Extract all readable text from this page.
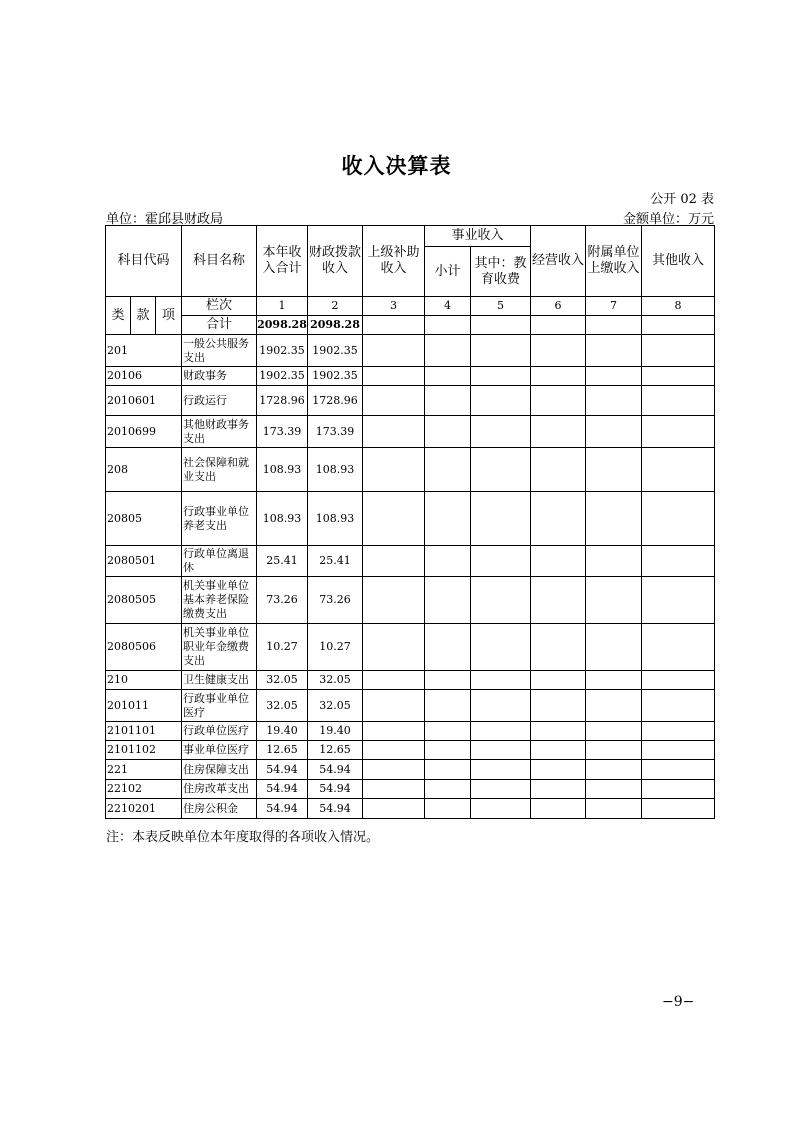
收入决算表
公开 02 表
单位：霍邱县财政局	金额单位：万元
科目代码			科目名称	本年收入合计	财政拨款收入	上级补助收入	事业收入		经营收入	附属单位上缴收入	其他收入
							小计	其中：教育收费			
类	款	项	栏次	1	2	3	4	5	6	7	8
			合计	2098.28	2098.28						
201			一般公共服务支出	1902.35	1902.35						
20106			财政事务	1902.35	1902.35						
2010601			行政运行	1728.96	1728.96						
2010699			其他财政事务支出	173.39	173.39						
208			社会保障和就业支出	108.93	108.93						
20805			行政事业单位养老支出	108.93	108.93						
2080501			行政单位离退休	25.41	25.41						
2080505			机关事业单位基本养老保险缴费支出	73.26	73.26						
2080506			机关事业单位职业年金缴费支出	10.27	10.27						
210			卫生健康支出	32.05	32.05						
201011			行政事业单位医疗	32.05	32.05						
2101101			行政单位医疗	19.40	19.40						
2101102			事业单位医疗	12.65	12.65						
221			住房保障支出	54.94	54.94						
22102			住房改革支出	54.94	54.94						
2210201			住房公积金	54.94	54.94						
注：本表反映单位本年度取得的各项收入情况。
−9−
